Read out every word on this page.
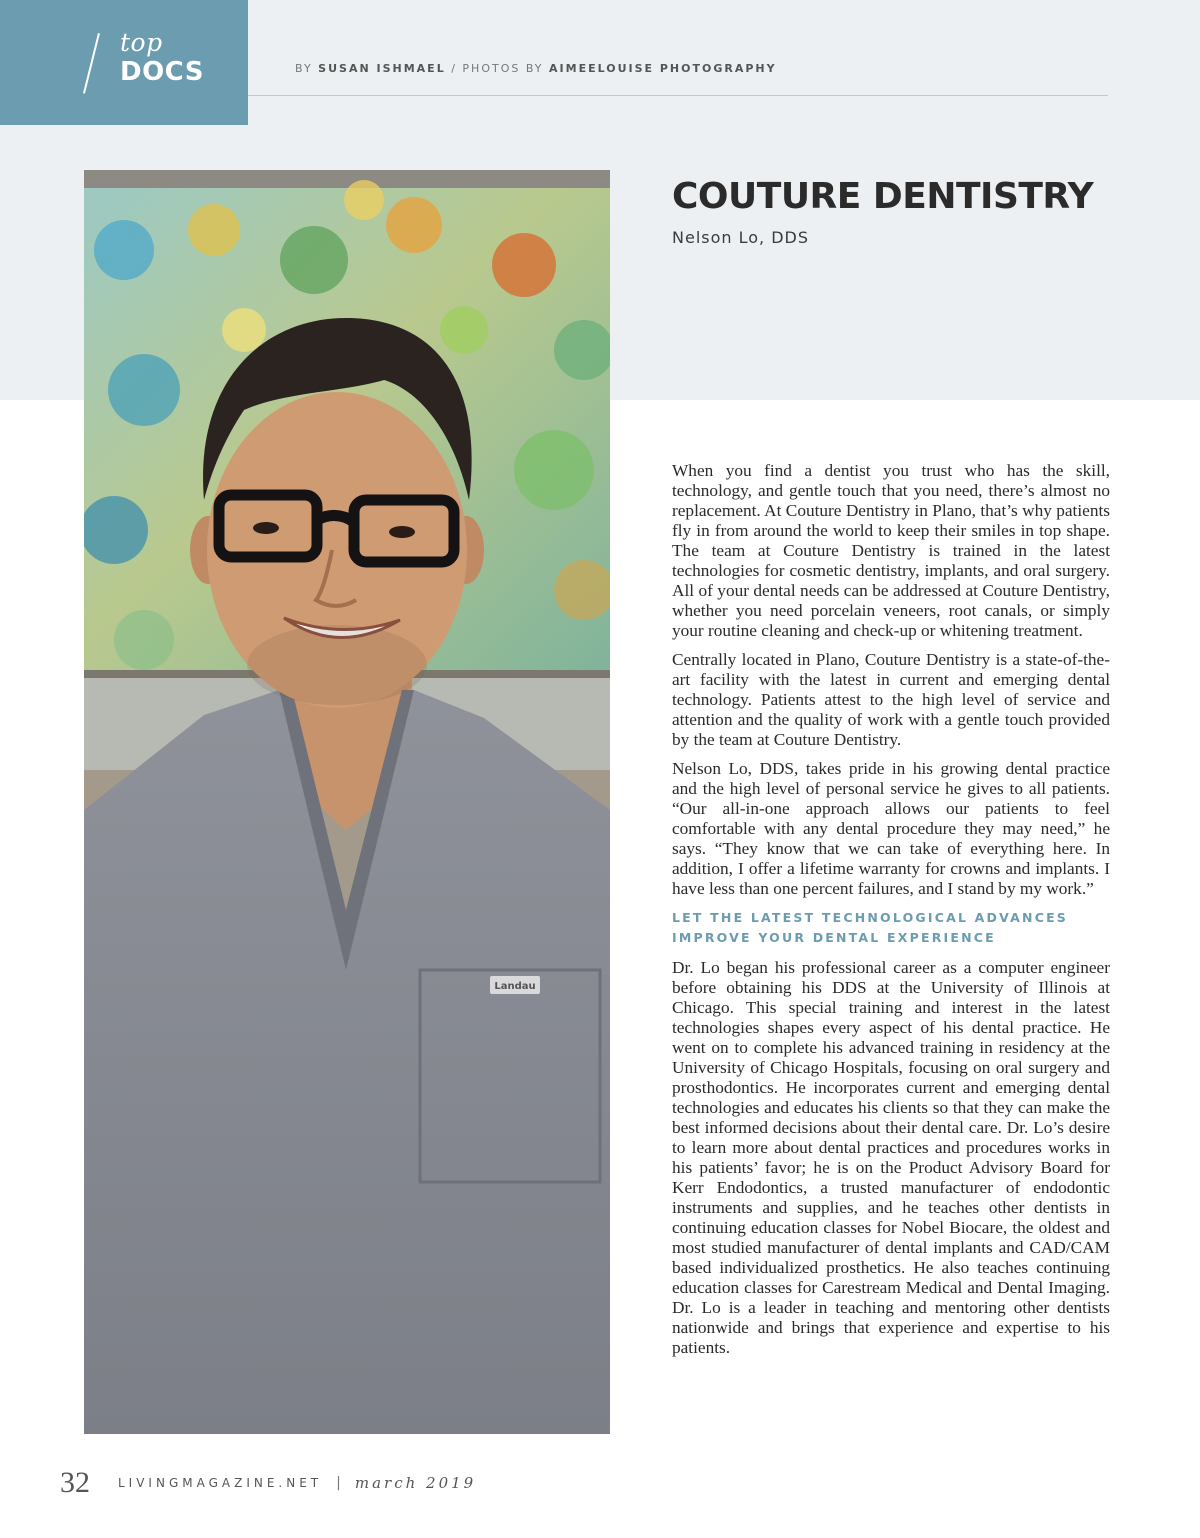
top
DOCS	BY SUSAN ISHMAEL / PHOTOS BY AIMEELOUISE PHOTOGRAPHY
Landau
COUTURE DENTISTRY
Nelson Lo, DDS

When you find a dentist you trust who has the skill, technology, and gentle touch that you need, there’s almost no replacement. At Couture Dentistry in Plano, that’s why patients fly in from around the world to keep their smiles in top shape. The team at Couture Dentistry is trained in the latest technologies for cosmetic dentistry, implants, and oral surgery. All of your dental needs can be addressed at Couture Dentistry, whether you need porcelain veneers, root canals, or simply your routine cleaning and check-up or whitening treatment.

Centrally located in Plano, Couture Dentistry is a state-of-the-art facility with the latest in current and emerging dental technology. Patients attest to the high level of service and attention and the quality of work with a gentle touch provided by the team at Couture Dentistry.

Nelson Lo, DDS, takes pride in his growing dental practice and the high level of personal service he gives to all patients. “Our all-in-one approach allows our patients to feel comfortable with any dental procedure they may need,” he says. “They know that we can take of everything here. In addition, I offer a lifetime warranty for crowns and implants. I have less than one percent failures, and I stand by my work.”

LET THE LATEST TECHNOLOGICAL ADVANCES IMPROVE YOUR DENTAL EXPERIENCE

Dr. Lo began his professional career as a computer engineer before obtaining his DDS at the University of Illinois at Chicago. This special training and interest in the latest technologies shapes every aspect of his dental practice. He went on to complete his advanced training in residency at the University of Chicago Hospitals, focusing on oral surgery and prosthodontics. He incorporates current and emerging dental technologies and educates his clients so that they can make the best informed decisions about their dental care. Dr. Lo’s desire to learn more about dental practices and procedures works in his patients’ favor; he is on the Product Advisory Board for Kerr Endodontics, a trusted manufacturer of endodontic instruments and supplies, and he teaches other dentists in continuing education classes for Nobel Biocare, the oldest and most studied manufacturer of dental implants and CAD/CAM based individualized prosthetics. He also teaches continuing education classes for Carestream Medical and Dental Imaging. Dr. Lo is a leader in teaching and mentoring other dentists nationwide and brings that experience and expertise to his patients.

32 LIVINGMAGAZINE.NET | march 2019
